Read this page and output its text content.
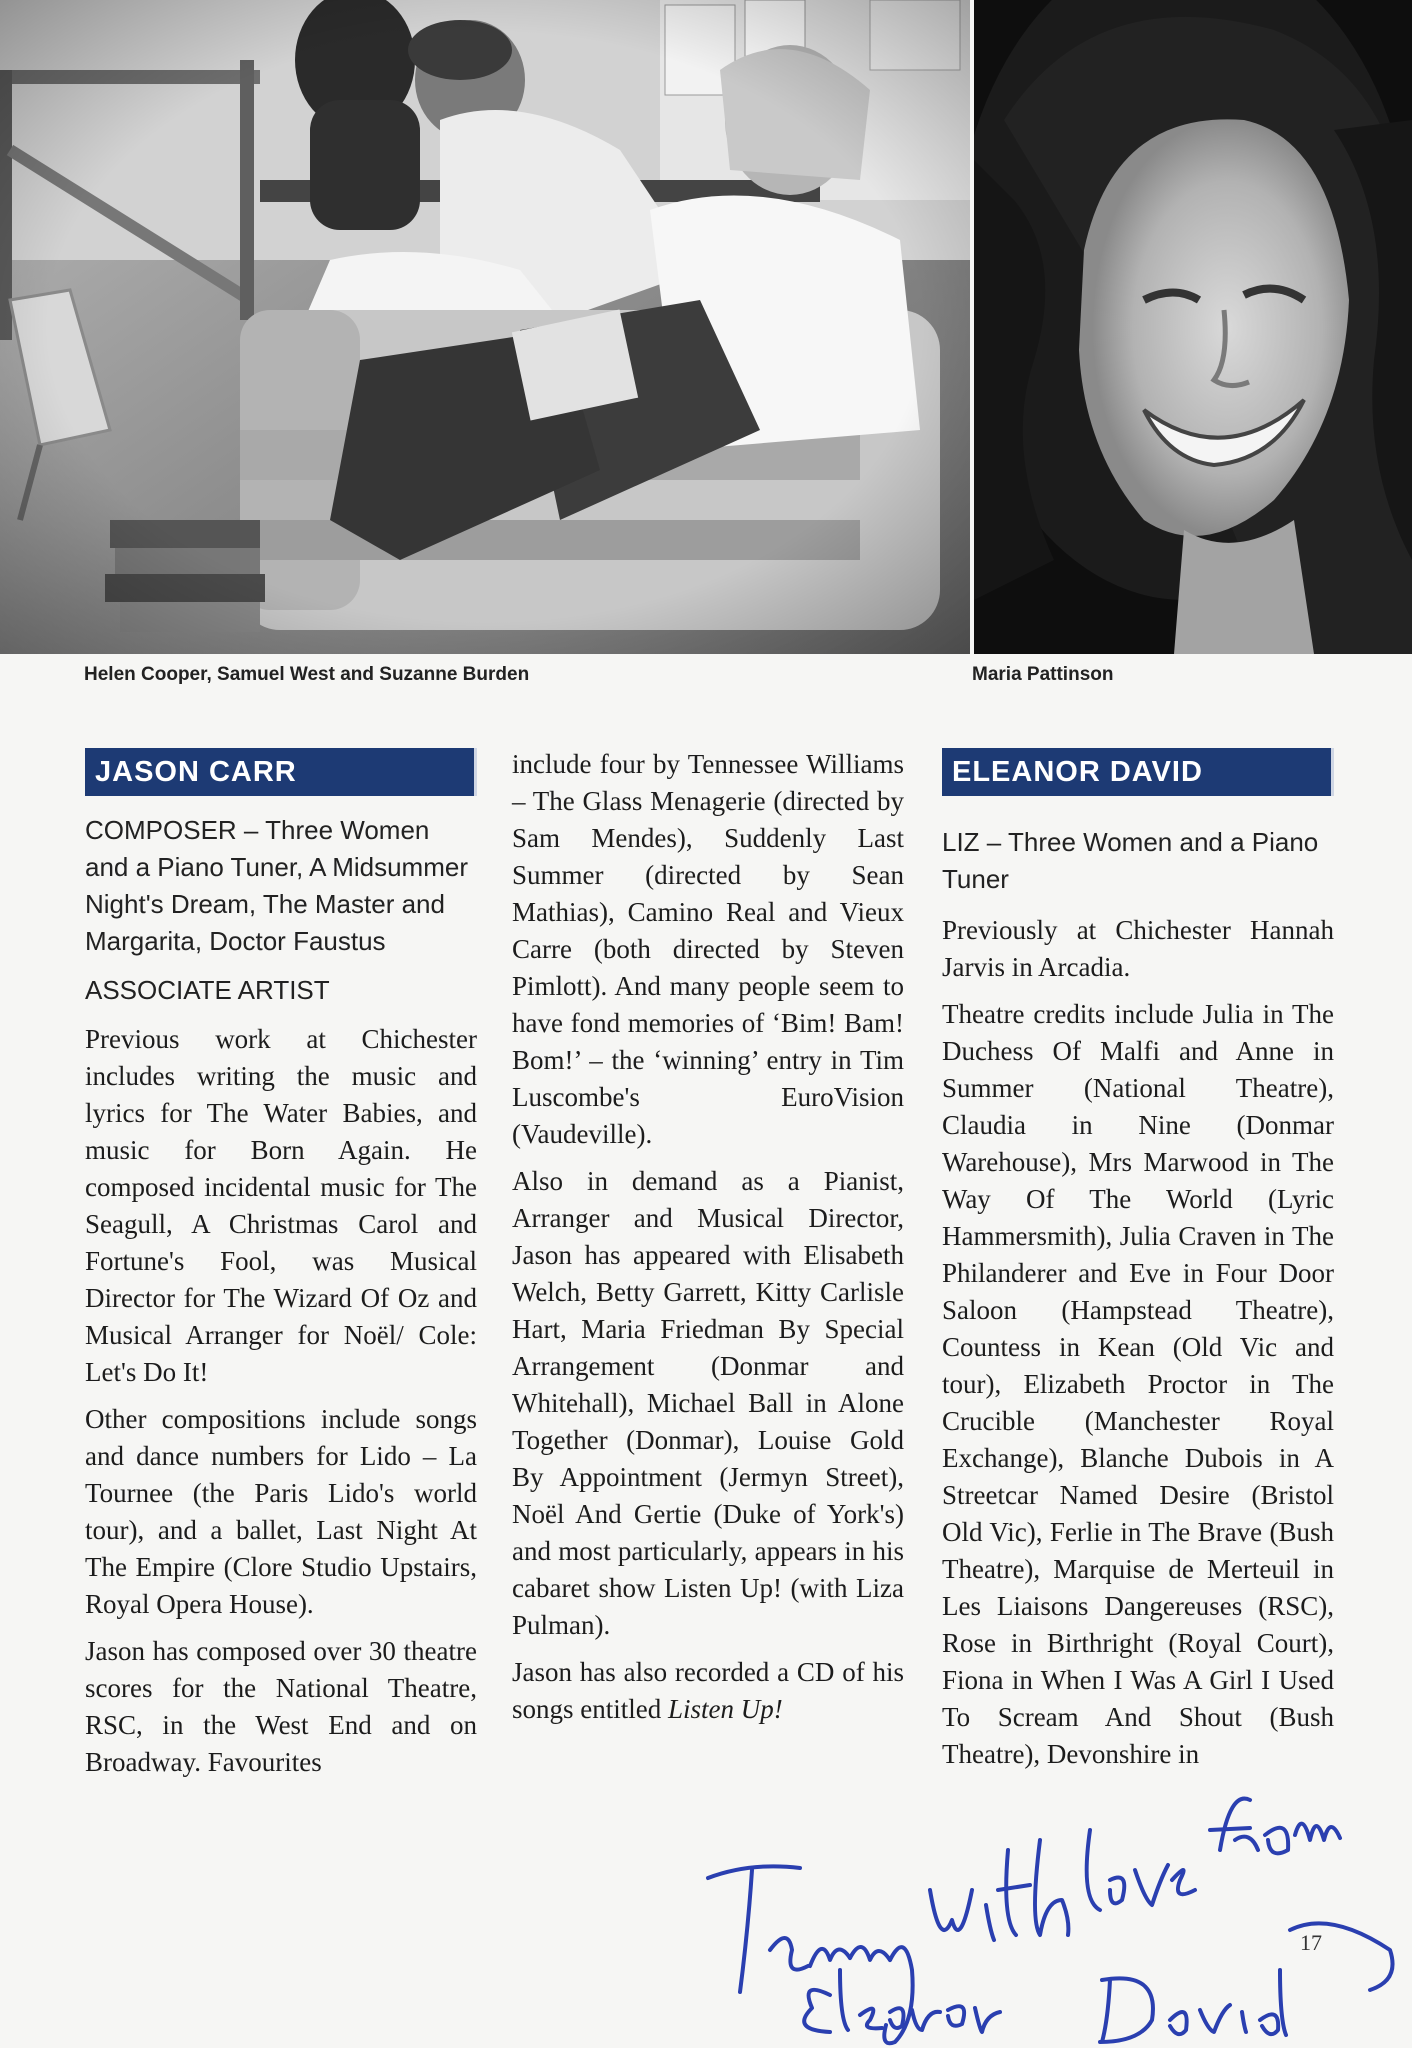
Helen Cooper, Samuel West and Suzanne Burden	Maria Pattinson
JASON CARR
COMPOSER – Three Women and a Piano Tuner, A Midsummer Night's Dream, The Master and Margarita, Doctor Faustus
ASSOCIATE ARTIST

Previous work at Chichester includes writing the music and lyrics for The Water Babies, and music for Born Again. He composed incidental music for The Seagull, A Christmas Carol and Fortune's Fool, was Musical Director for The Wizard Of Oz and Musical Arranger for Noël/ Cole: Let's Do It!

Other compositions include songs and dance numbers for Lido – La Tournee (the Paris Lido's world tour), and a ballet, Last Night At The Empire (Clore Studio Upstairs, Royal Opera House).

Jason has composed over 30 theatre scores for the National Theatre, RSC, in the West End and on Broadway. Favourites

include four by Tennessee Williams – The Glass Menagerie (directed by Sam Mendes), Suddenly Last Summer (directed by Sean Mathias), Camino Real and Vieux Carre (both directed by Steven Pimlott). And many people seem to have fond memories of ‘Bim! Bam! Bom!’ – the ‘winning’ entry in Tim Luscombe's EuroVision (Vaudeville).

Also in demand as a Pianist, Arranger and Musical Director, Jason has appeared with Elisabeth Welch, Betty Garrett, Kitty Carlisle Hart, Maria Friedman By Special Arrangement (Donmar and Whitehall), Michael Ball in Alone Together (Donmar), Louise Gold By Appointment (Jermyn Street), Noël And Gertie (Duke of York's) and most particularly, appears in his cabaret show Listen Up! (with Liza Pulman).

Jason has also recorded a CD of his songs entitled Listen Up!

ELEANOR DAVID
LIZ – Three Women and a Piano Tuner

Previously at Chichester Hannah Jarvis in Arcadia.

Theatre credits include Julia in The Duchess Of Malfi and Anne in Summer (National Theatre), Claudia in Nine (Donmar Warehouse), Mrs Marwood in The Way Of The World (Lyric Hammersmith), Julia Craven in The Philanderer and Eve in Four Door Saloon (Hampstead Theatre), Countess in Kean (Old Vic and tour), Elizabeth Proctor in The Crucible (Manchester Royal Exchange), Blanche Dubois in A Streetcar Named Desire (Bristol Old Vic), Ferlie in The Brave (Bush Theatre), Marquise de Merteuil in Les Liaisons Dangereuses (RSC), Rose in Birthright (Royal Court), Fiona in When I Was A Girl I Used To Scream And Shout (Bush Theatre), Devonshire in

17
